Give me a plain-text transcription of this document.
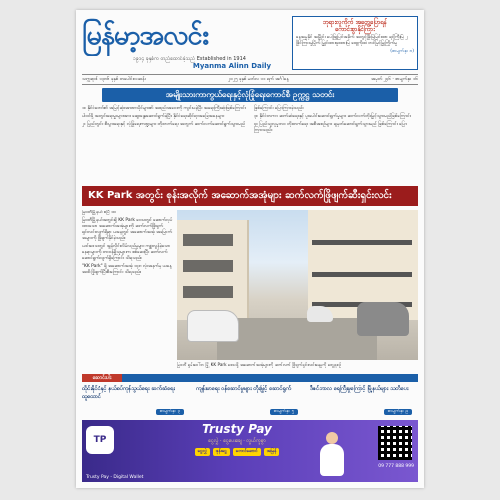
မြန်မာ့အလင်း
၁၉၁၄ ခုနှစ်က တည်ထောင်ခဲ့သည် Established in 1914
Myanma Alinn Daily
ဘုရားလူကိုက် အတွေ့ပြောရန်
ကောင်းစွာနိုင်ကြား
နေ့အမှုနိုင် အမြှိုင်း ပေါ့ဖြူပြင်အခိုက် အတွင့်ခြိုးမြဲမြင်းထာ ရင့်ကြီးမြဲ ၂ ဖြိုင်ကြားမှုမြိုက် မြွှုင်ထားဖူးထားမြဲ ထွေ့ကိုထဲ တင်မြင့်မြှုကြိုက်မှု
(စာမျက်နှာ ၈)
သက္ကရာဇ် ၁၃၈၆ ခုနှစ် တပေါင်းလဆန်း	၂၀၂၅ ခုနှစ် မတ်လ ၁၁ ရက် အင်္ဂါနေ့	အမှတ် ၂၄၆ · စာမျက်နှာ ၁၆
အမျိုးသားကာကွယ်ရေးနှင့်လုံခြုံရေးကောင်စီ ဥက္ကဋ္ဌ သတင်း

၁။ နိုင်ငံတော်၏ အမြင့်ဆုံးအာဏာပိုင်များ၏ အစည်းအဝေးကို ကျင်းပခဲ့ပြီး အရေးကြီးဆုံးဖြစ်ကြောင်း

ပါဝင်ဖို့ အတွင်းရေးမှူးများအား ဆွေးနွေးဆောင်ရွက်ခဲ့ပြီး နိုင်ငံရေးဆိုင်ရာအခြေအနေများ

၂။ ပြည်တွင်း စီးပွားရေးနှင့် လုံခြုံရေးကဏ္ဍများ တိုးတက်ရေး အတွက် ဆက်လက်ဆောင်ရွက်သွားမည်

ဖြစ်ကြောင်း ပြောကြားခဲ့သည်။

၃။ နိုင်ငံတကာ ဆက်ဆံရေးနှင့် ပူးပေါင်းဆောင်ရွက်မှုများ ဆက်လက်တိုးမြှင့်သွားမည်ဖြစ်ကြောင်း

၄။ ပြည်သူ့လူမှုဘဝ တိုးတက်ရေး အစီအစဉ်များ ချမှတ်ဆောင်ရွက်သွားမည် ဖြစ်ကြောင်း ပြောကြားသည်။

KK Park အတွင်း စုန်းအလိုက် အဆောက်အအုံများ ဆက်လက်ဖြိုဖျက်ဆီးရှင်းလင်း

မြဝတီမြို့နယ် ဧပြီ ၁၀

မြဝတီမြို့နယ်အတွင်းရှိ KK Park ဒေသတွင် ဆောက်လုပ်ထားသော အဆောက်အအုံများကို ဆက်လက်ဖြိုဖျက်ရှင်းလင်းလျက်ရှိရာ ယနေ့တွင် အဆောက်အအုံ အမြောက်အများကို ဖြိုဖျက်နိုင်ခဲ့သည်။

ယင်းဒေသတွင် အွန်လိုင်းလိမ်လည်မှုများ ကျူးလွန်ခဲ့သော နေရာများကို တာဝန်ရှိသူများက စစ်ဆေးပြီး ဆက်လက်ဆောင်ရွက်လျက်ရှိကြောင်း သိရသည်။

"KK Park" ရှိ အဆောက်အအုံ ၁၄၈ လုံးအနက်မှ ယနေ့အထိ ဖြိုဖျက်ပြီးစီးကြောင်း သိရသည်။

မြဝတီ ရှမ်းဝေါ်ဘ မြို့ KK Park ဒေသရှိ အဆောက်အအုံများကို ဆက်လက် ဖြိုဖျက်ရှင်းလင်းနေမှုကို တွေ့ရစဉ်
ဆောင်းပါး
ထိုင်းနိုင်ငံနှင့် နယ်စပ်ကုန်သွယ်ရေး ဆက်ဆံရေး ထူထောင်
စာမျက်နှာ ၃
ကျန်းမာရေး ဝန်ဆောင်မှုများ တိုးမြှင့် ဆောင်ရွက်
စာမျက်နှာ ၅
ဒီဇင်ဘာလ ရေကြီးမှုကြောင့် မြို့နယ်များ သတိပေး
စာမျက်နှာ ၉
TP
Trusty Pay
ငွေလွှဲ · ငွေပေးချေ · လွယ်ကူစွာ
ငွေလွှဲ	ဖုန်းငွေ	ဘေလ်ဆောင်	အမြန်
09 777 888 999
Trusty Pay - Digital Wallet
